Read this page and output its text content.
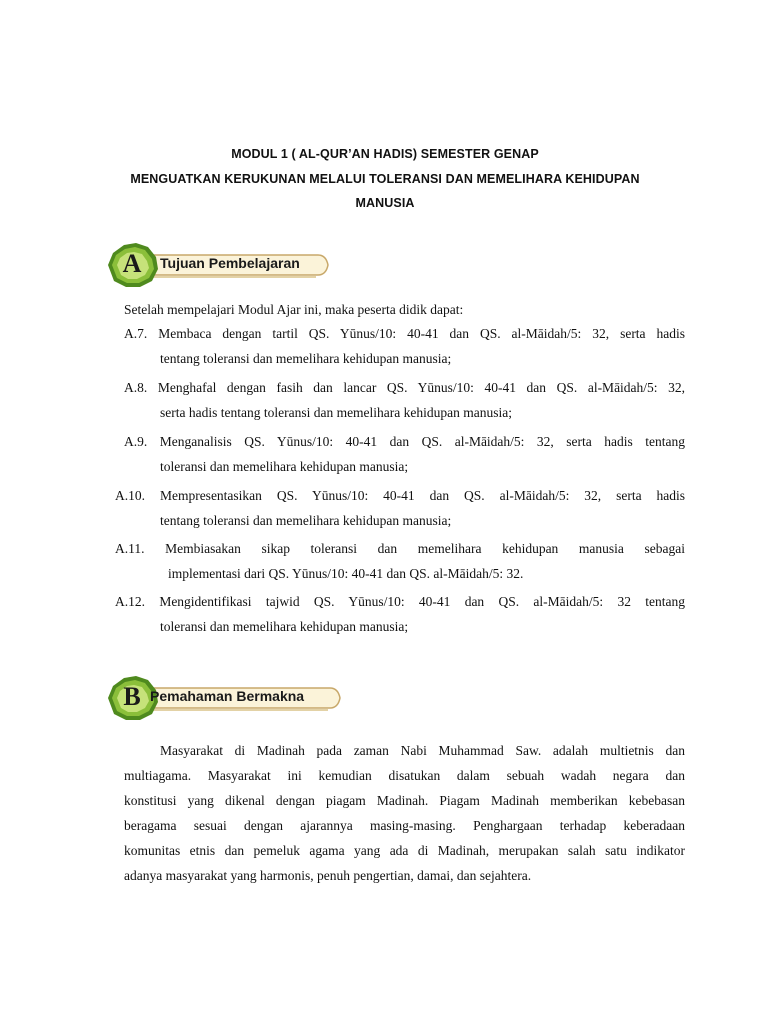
MODUL 1 ( AL-QUR’AN HADIS) SEMESTER GENAP
MENGUATKAN KERUKUNAN MELALUI TOLERANSI DAN MEMELIHARA KEHIDUPAN
MANUSIA
A	Tujuan Pembelajaran
Setelah mempelajari Modul Ajar ini, maka peserta didik dapat:
A.7. Membaca dengan tartil QS. Yūnus/10: 40-41 dan QS. al-Māidah/5: 32, serta hadis
tentang toleransi dan memelihara kehidupan manusia;
A.8. Menghafal dengan fasih dan lancar QS. Yūnus/10: 40-41 dan QS. al-Māidah/5: 32,
serta hadis tentang toleransi dan memelihara kehidupan manusia;
A.9. Menganalisis QS. Yūnus/10: 40-41 dan QS. al-Māidah/5: 32, serta hadis tentang
toleransi dan memelihara kehidupan manusia;
A.10. Mempresentasikan QS. Yūnus/10: 40-41 dan QS. al-Māidah/5: 32, serta hadis
tentang toleransi dan memelihara kehidupan manusia;
A.11. Membiasakan sikap toleransi dan memelihara kehidupan manusia sebagai
implementasi dari QS. Yūnus/10: 40-41 dan QS. al-Māidah/5: 32.
A.12. Mengidentifikasi tajwid QS. Yūnus/10: 40-41 dan QS. al-Māidah/5: 32 tentang
toleransi dan memelihara kehidupan manusia;
B Pemahaman Bermakna

Masyarakat di Madinah pada zaman Nabi Muhammad Saw. adalah multietnis dan

multiagama. Masyarakat ini kemudian disatukan dalam sebuah wadah negara dan

konstitusi yang dikenal dengan piagam Madinah. Piagam Madinah memberikan kebebasan

beragama sesuai dengan ajarannya masing-masing. Penghargaan terhadap keberadaan

komunitas etnis dan pemeluk agama yang ada di Madinah, merupakan salah satu indikator

adanya masyarakat yang harmonis, penuh pengertian, damai, dan sejahtera.
